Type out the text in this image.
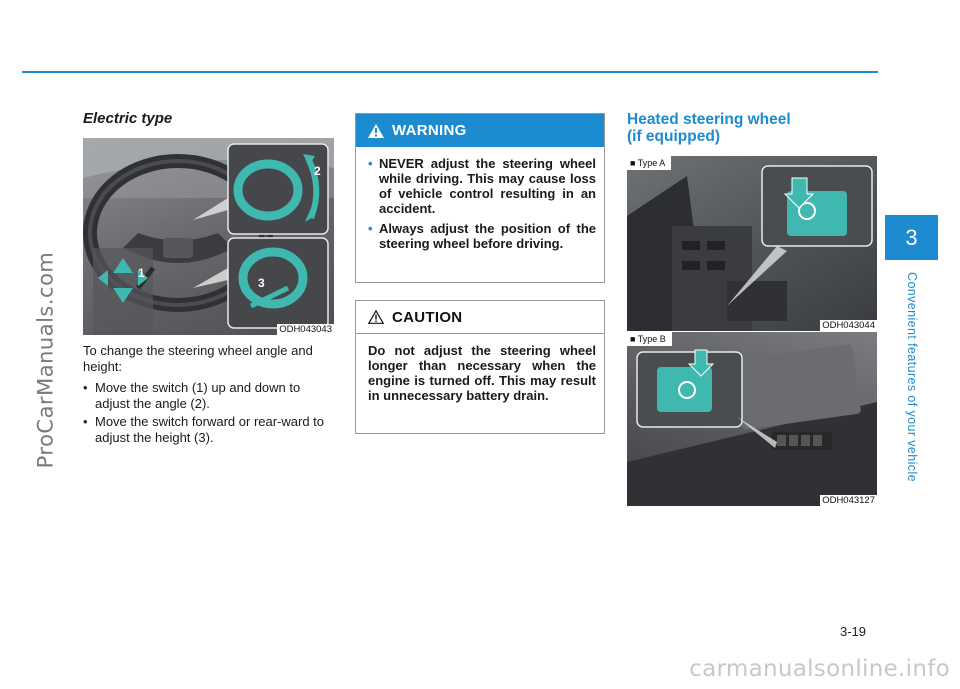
ProCarManuals.com
Electric type
1
2
3
ODH043043
To change the steering wheel angle and height:
• Move the switch (1) up and down to adjust the angle (2).
• Move the switch forward or rear-ward to adjust the height (3).
WARNING
• NEVER adjust the steering wheel while driving. This may cause loss of vehicle control resulting in an accident.
• Always adjust the position of the steering wheel before driving.
CAUTION
Do not adjust the steering wheel longer than necessary when the engine is turned off. This may result in unnecessary battery drain.
Heated steering wheel
(if equipped)
■ Type A
ODH043044
■ Type B
ODH043127
3
Convenient features of your vehicle
3-19
carmanualsonline.info
